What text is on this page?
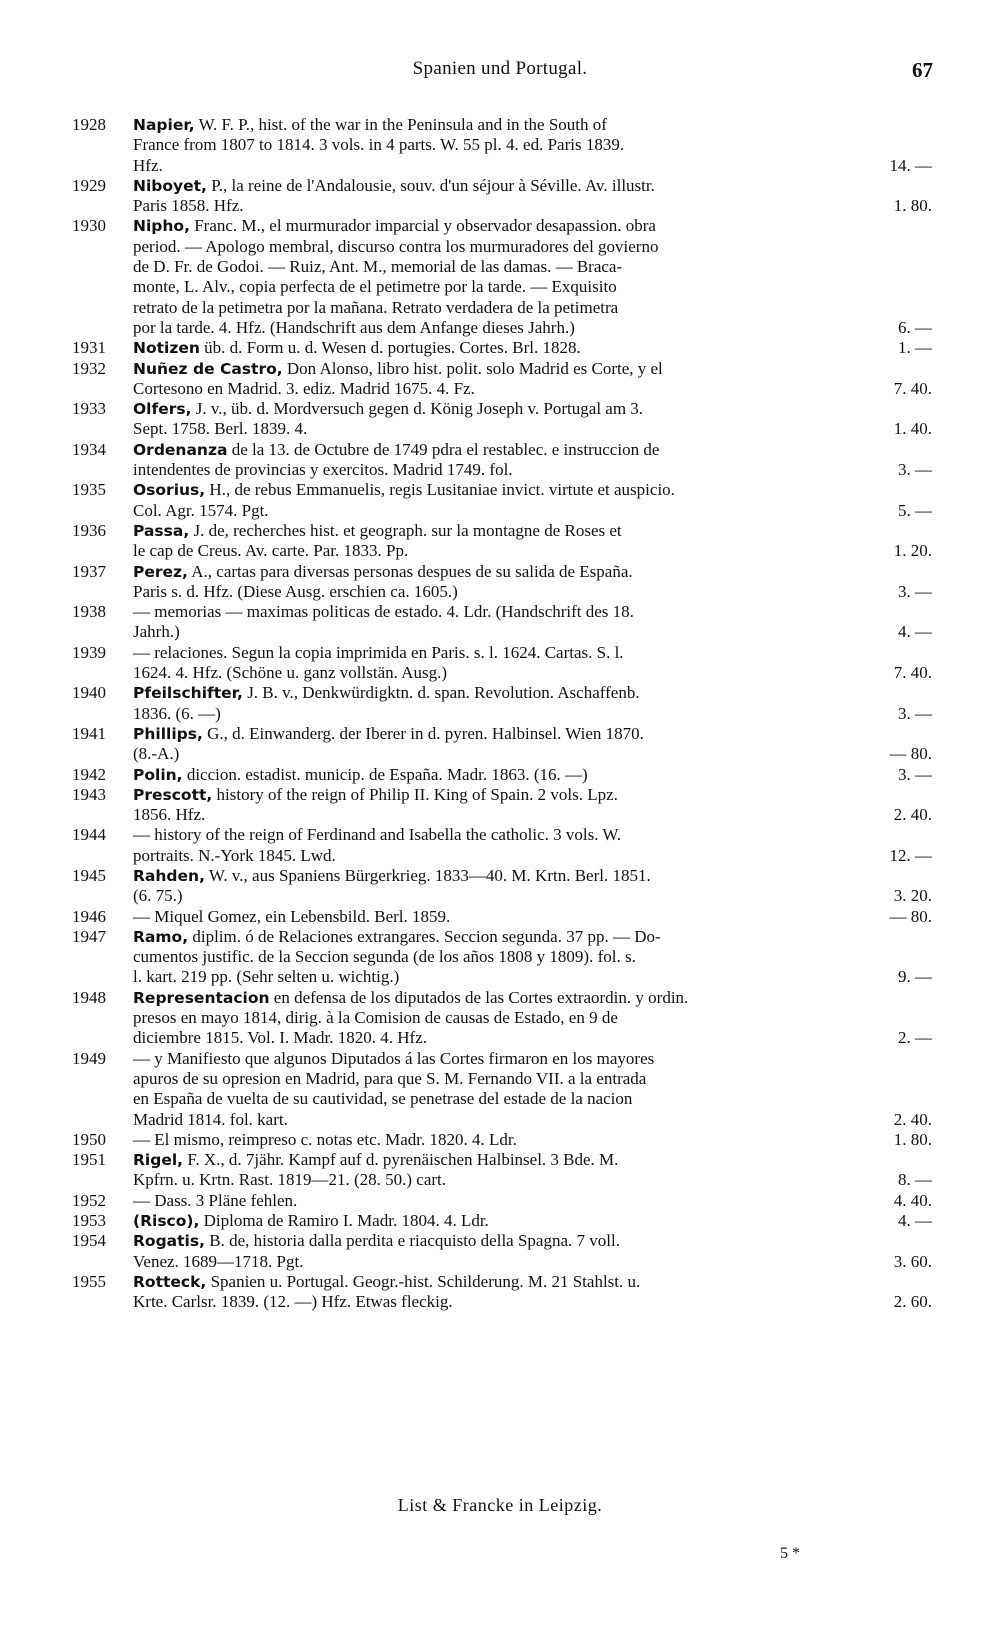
Spanien und Portugal.	67
1928	Napier, W. F. P., hist. of the war in the Peninsula and in the South of
France from 1807 to 1814. 3 vols. in 4 parts. W. 55 pl. 4. ed. Paris 1839.
Hfz.	14. —
1929	Niboyet, P., la reine de l'Andalousie, souv. d'un séjour à Séville. Av. illustr.
Paris 1858. Hfz.	1. 80.
1930	Nipho, Franc. M., el murmurador imparcial y observador desapassion. obra
period. — Apologo membral, discurso contra los murmuradores del govierno
de D. Fr. de Godoi. — Ruiz, Ant. M., memorial de las damas. — Braca-
monte, L. Alv., copia perfecta de el petimetre por la tarde. — Exquisito
retrato de la petimetra por la mañana. Retrato verdadera de la petimetra
por la tarde. 4. Hfz. (Handschrift aus dem Anfange dieses Jahrh.)	6. —
1931	Notizen üb. d. Form u. d. Wesen d. portugies. Cortes. Brl. 1828.	1. —
1932	Nuñez de Castro, Don Alonso, libro hist. polit. solo Madrid es Corte, y el
Cortesono en Madrid. 3. ediz. Madrid 1675. 4. Fz.	7. 40.
1933	Olfers, J. v., üb. d. Mordversuch gegen d. König Joseph v. Portugal am 3.
Sept. 1758. Berl. 1839. 4.	1. 40.
1934	Ordenanza de la 13. de Octubre de 1749 pdra el restablec. e instruccion de
intendentes de provincias y exercitos. Madrid 1749. fol.	3. —
1935	Osorius, H., de rebus Emmanuelis, regis Lusitaniae invict. virtute et auspicio.
Col. Agr. 1574. Pgt.	5. —
1936	Passa, J. de, recherches hist. et geograph. sur la montagne de Roses et
le cap de Creus. Av. carte. Par. 1833. Pp.	1. 20.
1937	Perez, A., cartas para diversas personas despues de su salida de España.
Paris s. d. Hfz. (Diese Ausg. erschien ca. 1605.)	3. —
1938	— memorias — maximas politicas de estado. 4. Ldr. (Handschrift des 18.
Jahrh.)	4. —
1939	— relaciones. Segun la copia imprimida en Paris. s. l. 1624. Cartas. S. l.
1624. 4. Hfz. (Schöne u. ganz vollstän. Ausg.)	7. 40.
1940	Pfeilschifter, J. B. v., Denkwürdigktn. d. span. Revolution. Aschaffenb.
1836. (6. —)	3. —
1941	Phillips, G., d. Einwanderg. der Iberer in d. pyren. Halbinsel. Wien 1870.
(8.-A.)	— 80.
1942	Polin, diccion. estadist. municip. de España. Madr. 1863. (16. —)	3. —
1943	Prescott, history of the reign of Philip II. King of Spain. 2 vols. Lpz.
1856. Hfz.	2. 40.
1944	— history of the reign of Ferdinand and Isabella the catholic. 3 vols. W.
portraits. N.-York 1845. Lwd.	12. —
1945	Rahden, W. v., aus Spaniens Bürgerkrieg. 1833—40. M. Krtn. Berl. 1851.
(6. 75.)	3. 20.
1946	— Miquel Gomez, ein Lebensbild. Berl. 1859.	— 80.
1947	Ramo, diplim. ó de Relaciones extrangares. Seccion segunda. 37 pp. — Do-
cumentos justific. de la Seccion segunda (de los años 1808 y 1809). fol. s.
l. kart. 219 pp. (Sehr selten u. wichtig.)	9. —
1948	Representacion en defensa de los diputados de las Cortes extraordin. y ordin.
presos en mayo 1814, dirig. à la Comision de causas de Estado, en 9 de
diciembre 1815. Vol. I. Madr. 1820. 4. Hfz.	2. —
1949	— y Manifiesto que algunos Diputados á las Cortes firmaron en los mayores
apuros de su opresion en Madrid, para que S. M. Fernando VII. a la entrada
en España de vuelta de su cautividad, se penetrase del estade de la nacion
Madrid 1814. fol. kart.	2. 40.
1950	— El mismo, reimpreso c. notas etc. Madr. 1820. 4. Ldr.	1. 80.
1951	Rigel, F. X., d. 7jähr. Kampf auf d. pyrenäischen Halbinsel. 3 Bde. M.
Kpfrn. u. Krtn. Rast. 1819—21. (28. 50.) cart.	8. —
1952	— Dass. 3 Pläne fehlen.	4. 40.
1953	(Risco), Diploma de Ramiro I. Madr. 1804. 4. Ldr.	4. —
1954	Rogatis, B. de, historia dalla perdita e riacquisto della Spagna. 7 voll.
Venez. 1689—1718. Pgt.	3. 60.
1955	Rotteck, Spanien u. Portugal. Geogr.-hist. Schilderung. M. 21 Stahlst. u.
Krte. Carlsr. 1839. (12. —) Hfz. Etwas fleckig.	2. 60.
List & Francke in Leipzig.
5 *
